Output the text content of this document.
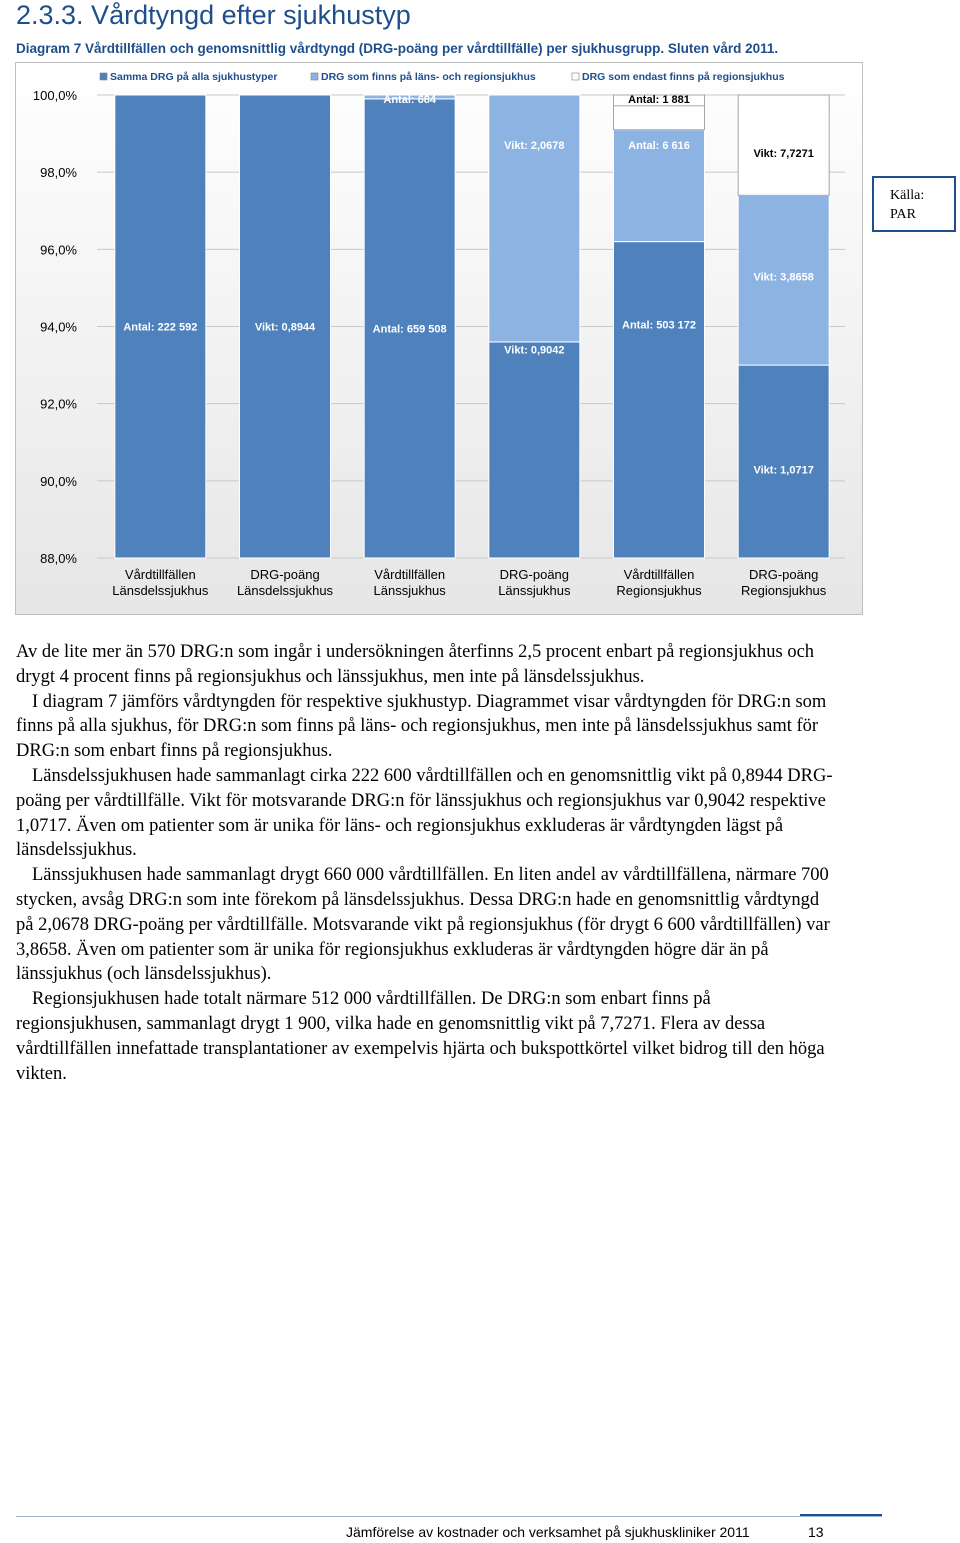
2.3.3. Vårdtyngd efter sjukhustyp
Diagram 7 Vårdtillfällen och genomsnittlig vårdtyngd (DRG-poäng per vårdtillfälle) per sjukhusgrupp. Sluten vård 2011.
Samma DRG på alla sjukhustyper	DRG som finns på läns- och regionsjukhus	DRG som endast finns på regionsjukhus
100,0%
98,0%
96,0%
94,0%
92,0%
90,0%
88,0%
Antal: 222 592	Vikt: 0,8944	Antal: 659 508
Vikt: 0,9042
Antal: 503 172
Vikt: 1,0717
Antal: 684
Vikt: 2,0678	Antal: 6 616
Vikt: 3,8658
Antal: 1 881
Vikt: 7,7271
Vårdtillfällen
Länsdelssjukhus
DRG-poäng
Länsdelssjukhus
Vårdtillfällen
Länssjukhus
DRG-poäng
Länssjukhus
Vårdtillfällen
Regionsjukhus
DRG-poäng
Regionsjukhus
Källa:
PAR

Av de lite mer än 570 DRG:n som ingår i undersökningen återfinns 2,5 procent enbart på regionsjukhus och drygt 4 procent finns på regionsjukhus och länssjukhus, men inte på länsdelssjukhus.

I diagram 7 jämförs vårdtyngden för respektive sjukhustyp. Diagrammet visar vårdtyngden för DRG:n som finns på alla sjukhus, för DRG:n som finns på läns- och regionsjukhus, men inte på länsdelssjukhus samt för DRG:n som enbart finns på regionsjukhus.

Länsdelssjukhusen hade sammanlagt cirka 222 600 vårdtillfällen och en genomsnittlig vikt på 0,8944 DRG-poäng per vårdtillfälle. Vikt för motsvarande DRG:n för länssjukhus och regionsjukhus var 0,9042 respektive 1,0717. Även om patienter som är unika för läns- och regionsjukhus exkluderas är vårdtyngden lägst på länsdelssjukhus.

Länssjukhusen hade sammanlagt drygt 660 000 vårdtillfällen. En liten andel av vårdtillfällena, närmare 700 stycken, avsåg DRG:n som inte förekom på länsdelssjukhus. Dessa DRG:n hade en genomsnittlig vårdtyngd på 2,0678 DRG-poäng per vårdtillfälle. Motsvarande vikt på regionsjukhus (för drygt 6 600 vårdtillfällen) var 3,8658. Även om patienter som är unika för regionsjukhus exkluderas är vårdtyngden högre där än på länssjukhus (och länsdelssjukhus).

Regionsjukhusen hade totalt närmare 512 000 vårdtillfällen. De DRG:n som enbart finns på regionsjukhusen, sammanlagt drygt 1 900, vilka hade en genomsnittlig vikt på 7,7271. Flera av dessa vårdtillfällen innefattade transplantationer av exempelvis hjärta och bukspottkörtel vilket bidrog till den höga vikten.

Jämförelse av kostnader och verksamhet på sjukhuskliniker 2011	13
